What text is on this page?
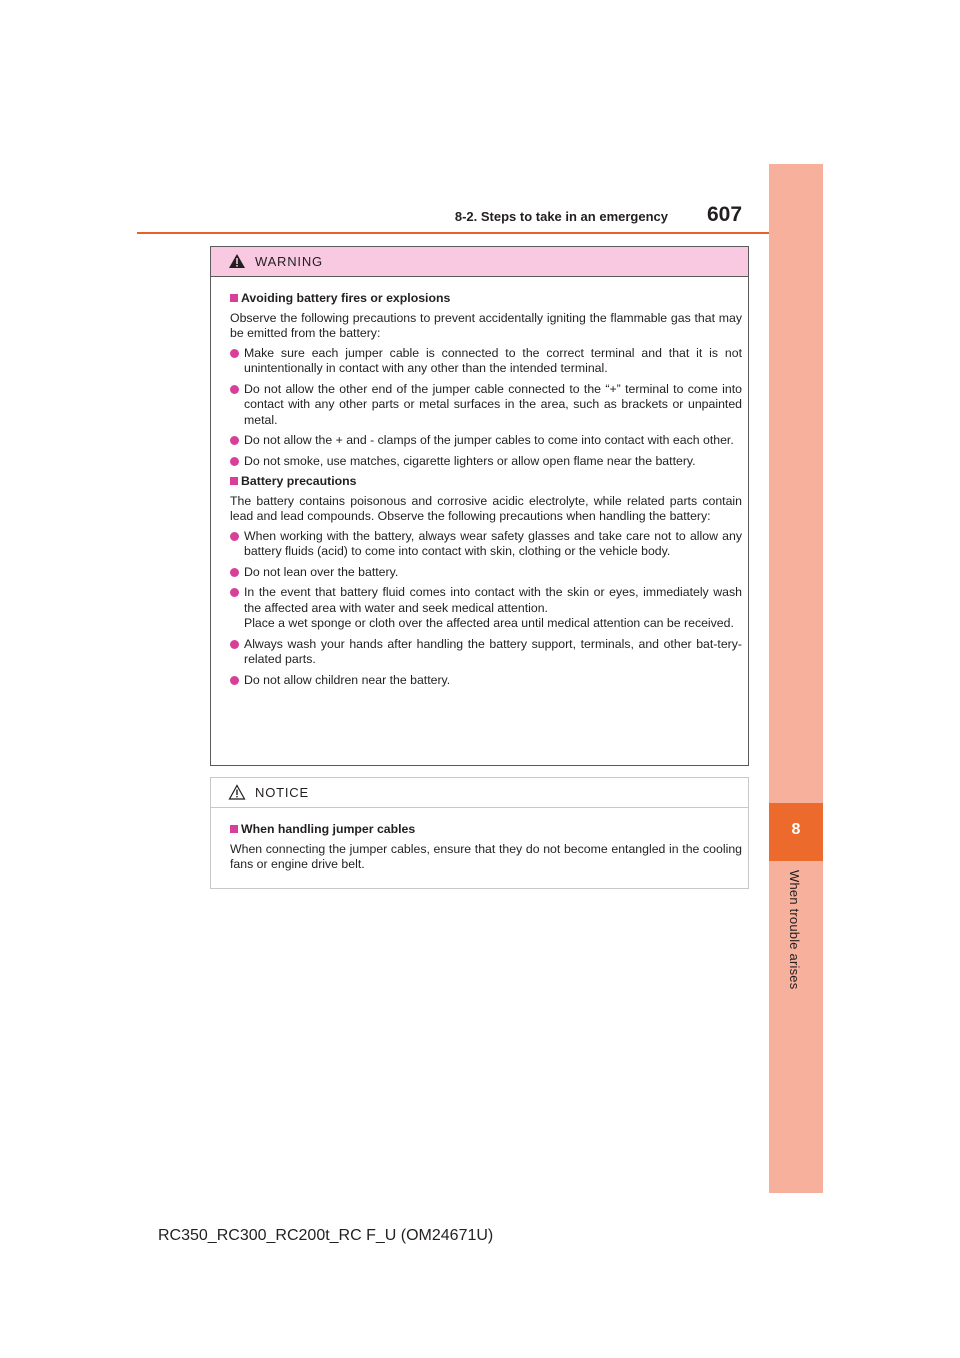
8-2. Steps to take in an emergency 607
8
When trouble arises
WARNING
Avoiding battery fires or explosions
Observe the following precautions to prevent accidentally igniting the flammable gas that may be emitted from the battery:
Make sure each jumper cable is connected to the correct terminal and that it is not unintentionally in contact with any other than the intended terminal.
Do not allow the other end of the jumper cable connected to the “+” terminal to come into contact with any other parts or metal surfaces in the area, such as brackets or unpainted metal.
Do not allow the + and - clamps of the jumper cables to come into contact with each other.
Do not smoke, use matches, cigarette lighters or allow open flame near the battery.
Battery precautions
The battery contains poisonous and corrosive acidic electrolyte, while related parts contain lead and lead compounds. Observe the following precautions when handling the battery:
When working with the battery, always wear safety glasses and take care not to allow any battery fluids (acid) to come into contact with skin, clothing or the vehicle body.
Do not lean over the battery.
In the event that battery fluid comes into contact with the skin or eyes, immediately wash the affected area with water and seek medical attention.
Place a wet sponge or cloth over the affected area until medical attention can be received.
Always wash your hands after handling the battery support, terminals, and other bat-tery-related parts.
Do not allow children near the battery.
NOTICE
When handling jumper cables
When connecting the jumper cables, ensure that they do not become entangled in the cooling fans or engine drive belt.
RC350_RC300_RC200t_RC F_U (OM24671U)
